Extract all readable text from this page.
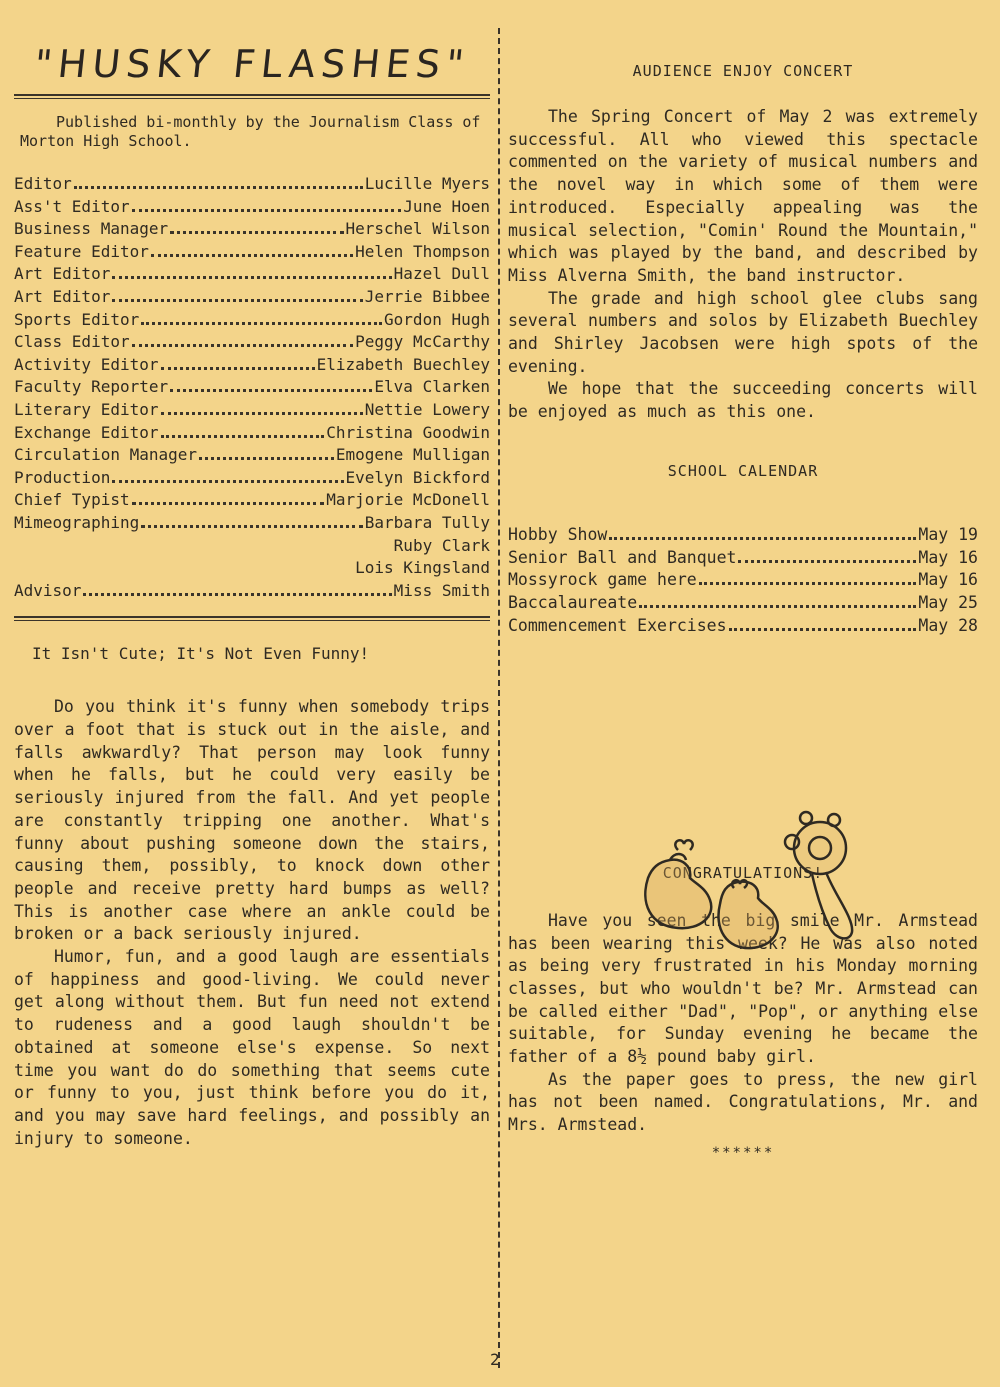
"HUSKY FLASHES"

Published bi-monthly by the Journalism Class of Morton High School.

Editor	Lucille Myers
Ass't Editor	June Hoen
Business Manager	Herschel Wilson
Feature Editor	Helen Thompson
Art Editor	Hazel Dull
Art Editor	Jerrie Bibbee
Sports Editor	Gordon Hugh
Class Editor	Peggy McCarthy
Activity Editor	Elizabeth Buechley
Faculty Reporter	Elva Clarken
Literary Editor	Nettie Lowery
Exchange Editor	Christina Goodwin
Circulation Manager	Emogene Mulligan
Production	Evelyn Bickford
Chief Typist	Marjorie McDonell
Mimeographing	Barbara Tully
Ruby Clark
Lois Kingsland
Advisor	Miss Smith
It Isn't Cute; It's Not Even Funny!

Do you think it's funny when somebody trips over a foot that is stuck out in the aisle, and falls awkwardly? That person may look funny when he falls, but he could very easily be seriously injured from the fall. And yet people are constantly tripping one another. What's funny about pushing someone down the stairs, causing them, possibly, to knock down other people and receive pretty hard bumps as well? This is another case where an ankle could be broken or a back seriously injured.

Humor, fun, and a good laugh are essentials of happiness and good-living. We could never get along without them. But fun need not extend to rudeness and a good laugh shouldn't be obtained at someone else's expense. So next time you want do do something that seems cute or funny to you, just think before you do it, and you may save hard feelings, and possibly an injury to someone.

AUDIENCE ENJOY CONCERT

The Spring Concert of May 2 was extremely successful. All who viewed this spectacle commented on the variety of musical numbers and the novel way in which some of them were introduced. Especially appealing was the musical selection, "Comin' Round the Mountain," which was played by the band, and described by Miss Alverna Smith, the band instructor.

The grade and high school glee clubs sang several numbers and solos by Elizabeth Buechley and Shirley Jacobsen were high spots of the evening.

We hope that the succeeding concerts will be enjoyed as much as this one.

SCHOOL CALENDAR
Hobby Show	May 19
Senior Ball and Banquet	May 16
Mossyrock game here	May 16
Baccalaureate	May 25
Commencement Exercises	May 28
CONGRATULATIONS!

Have you seen the big smile Mr. Armstead has been wearing this week? He was also noted as being very frustrated in his Monday morning classes, but who wouldn't be? Mr. Armstead can be called either "Dad", "Pop", or anything else suitable, for Sunday evening he became the father of a 8½ pound baby girl.

As the paper goes to press, the new girl has not been named. Congratulations, Mr. and Mrs. Armstead.

******
2
